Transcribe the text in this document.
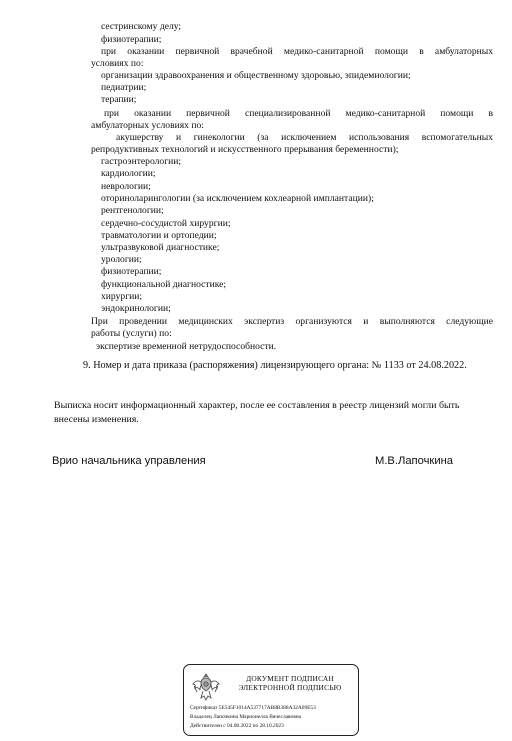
сестринскому делу;
физиотерапии;
при оказании первичной врачебной медико-санитарной помощи в амбулаторных
условиях по:
организации здравоохранения и общественному здоровью, эпидемиологии;
педиатрии;
терапии;
при оказании первичной специализированной медико-санитарной помощи в
амбулаторных условиях по:
акушерству и гинекологии (за исключением использования вспомогательных
репродуктивных технологий и искусственного прерывания беременности);
гастроэнтерологии;
кардиологии;
неврологии;
оториноларингологии (за исключением кохлеарной имплантации);
рентгенологии;
сердечно-сосудистой хирургии;
травматологии и ортопедии;
ультразвуковой диагностике;
урологии;
физиотерапии;
функциональной диагностике;
хирургии;
эндокринологии;
При проведении медицинских экспертиз организуются и выполняются следующие
работы (услуги) по:
экспертизе временной нетрудоспособности.
9. Номер и дата приказа (распоряжения) лицензирующего органа: № 1133 от 24.08.2022.
Выписка носит информационный характер, после ее составления в реестр лицензий могли быть
внесены изменения.
Врио начальника управления	М.В.Лапочкина
ДОКУМЕНТ ПОДПИСАН
ЭЛЕКТРОННОЙ ПОДПИСЬЮ
Сертификат 5E545F1014A537717AB8B388A32A09E53
Владелец Лапочкина Марионелла Вячеславовна
Действителен с 04.08.2022 по 28.10.2023
